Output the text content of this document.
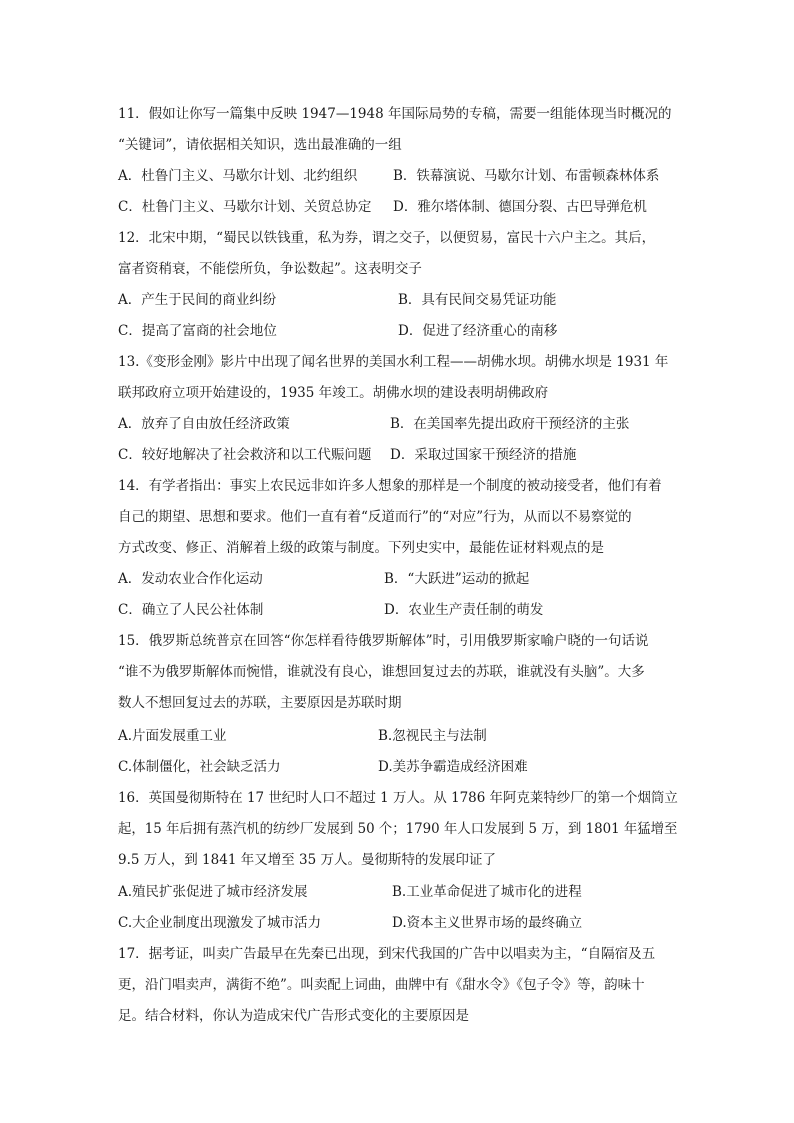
11．假如让你写一篇集中反映 1947—1948 年国际局势的专稿，需要一组能体现当时概况的
“关键词”，请依据相关知识，选出最准确的一组
A．杜鲁门主义、马歇尔计划、北约组织	B．铁幕演说、马歇尔计划、布雷顿森林体系
C．杜鲁门主义、马歇尔计划、关贸总协定 D．雅尔塔体制、德国分裂、古巴导弹危机
12．北宋中期，“蜀民以铁钱重，私为券，谓之交子，以便贸易，富民十六户主之。其后，
富者资稍衰，不能偿所负，争讼数起”。这表明交子
A．产生于民间的商业纠纷	B．具有民间交易凭证功能
C．提高了富商的社会地位	D．促进了经济重心的南移
13.《变形金刚》影片中出现了闻名世界的美国水利工程——胡佛水坝。胡佛水坝是 1931 年
联邦政府立项开始建设的，1935 年竣工。胡佛水坝的建设表明胡佛政府
A．放弃了自由放任经济政策	B．在美国率先提出政府干预经济的主张
C．较好地解决了社会救济和以工代赈问题 D．采取过国家干预经济的措施
14．有学者指出：事实上农民远非如许多人想象的那样是一个制度的被动接受者，他们有着
自己的期望、思想和要求。他们一直有着“反道而行”的“对应”行为，从而以不易察觉的
方式改变、修正、消解着上级的政策与制度。下列史实中，最能佐证材料观点的是
A．发动农业合作化运动	B．“大跃进”运动的掀起
C．确立了人民公社体制	D．农业生产责任制的萌发
15．俄罗斯总统普京在回答“你怎样看待俄罗斯解体”时，引用俄罗斯家喻户晓的一句话说
“谁不为俄罗斯解体而惋惜，谁就没有良心，谁想回复过去的苏联，谁就没有头脑”。大多
数人不想回复过去的苏联，主要原因是苏联时期
A.片面发展重工业	B.忽视民主与法制
C.体制僵化，社会缺乏活力	D.美苏争霸造成经济困难
16．英国曼彻斯特在 17 世纪时人口不超过 1 万人。从 1786 年阿克莱特纱厂的第一个烟筒立
起，15 年后拥有蒸汽机的纺纱厂发展到 50 个；1790 年人口发展到 5 万，到 1801 年猛增至
9.5 万人，到 1841 年又增至 35 万人。曼彻斯特的发展印证了
A.殖民扩张促进了城市经济发展	B.工业革命促进了城市化的进程
C.大企业制度出现激发了城市活力	D.资本主义世界市场的最终确立
17．据考证，叫卖广告最早在先秦已出现，到宋代我国的广告中以唱卖为主，“自隔宿及五
更，沿门唱卖声，满街不绝”。叫卖配上词曲，曲牌中有《甜水令》《包子令》等，韵味十
足。结合材料，你认为造成宋代广告形式变化的主要原因是
